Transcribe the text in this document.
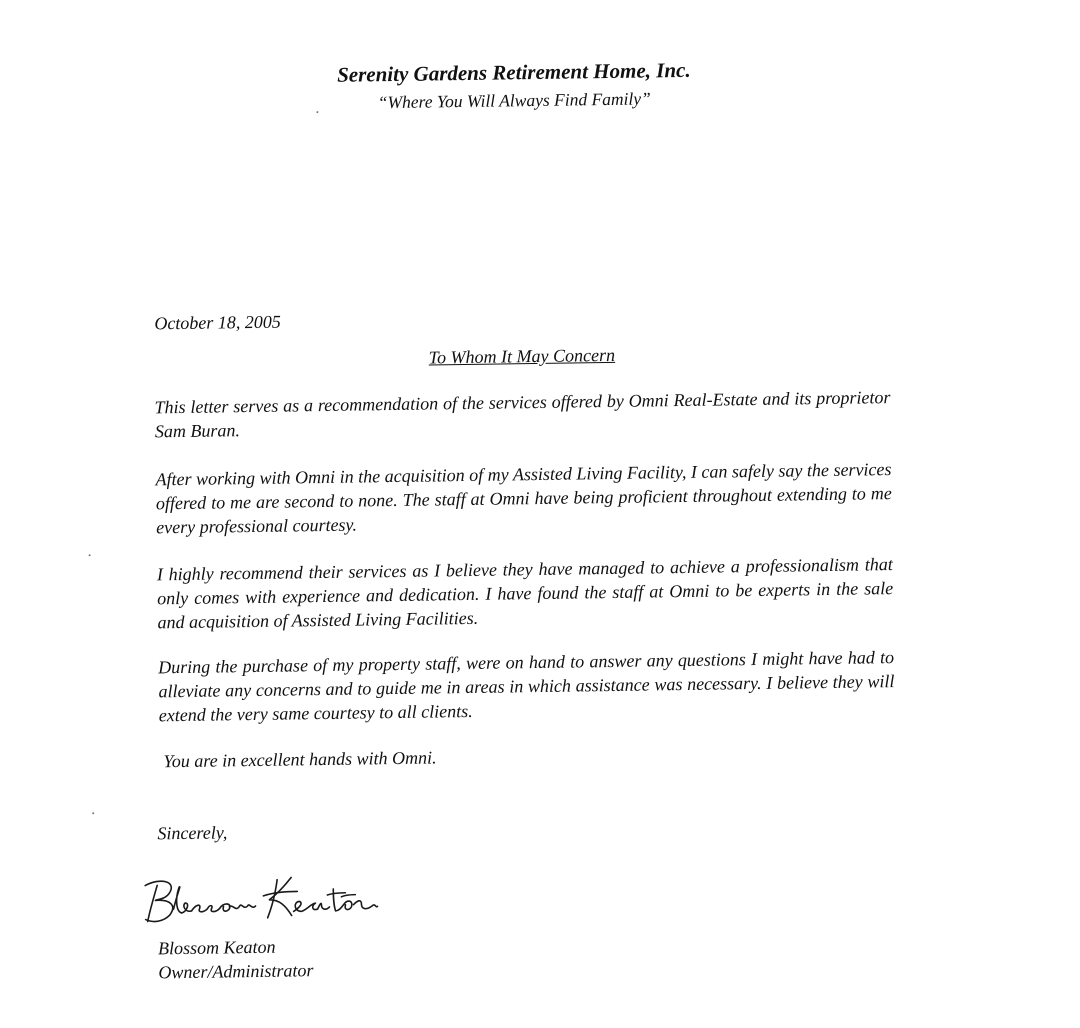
Serenity Gardens Retirement Home, Inc.
“Where You Will Always Find Family”
October 18, 2005
To Whom It May Concern

This letter serves as a recommendation of the services offered by Omni Real-Estate and its proprietor Sam Buran.

After working with Omni in the acquisition of my Assisted Living Facility, I can safely say the services offered to me are second to none. The staff at Omni have being proficient throughout extending to me every professional courtesy.

I highly recommend their services as I believe they have managed to achieve a professionalism that only comes with experience and dedication. I have found the staff at Omni to be experts in the sale and acquisition of Assisted Living Facilities.

During the purchase of my property staff, were on hand to answer any questions I might have had to alleviate any concerns and to guide me in areas in which assistance was necessary. I believe they will extend the very same courtesy to all clients.

You are in excellent hands with Omni.
Sincerely,
Blossom Keaton
Owner/Administrator
